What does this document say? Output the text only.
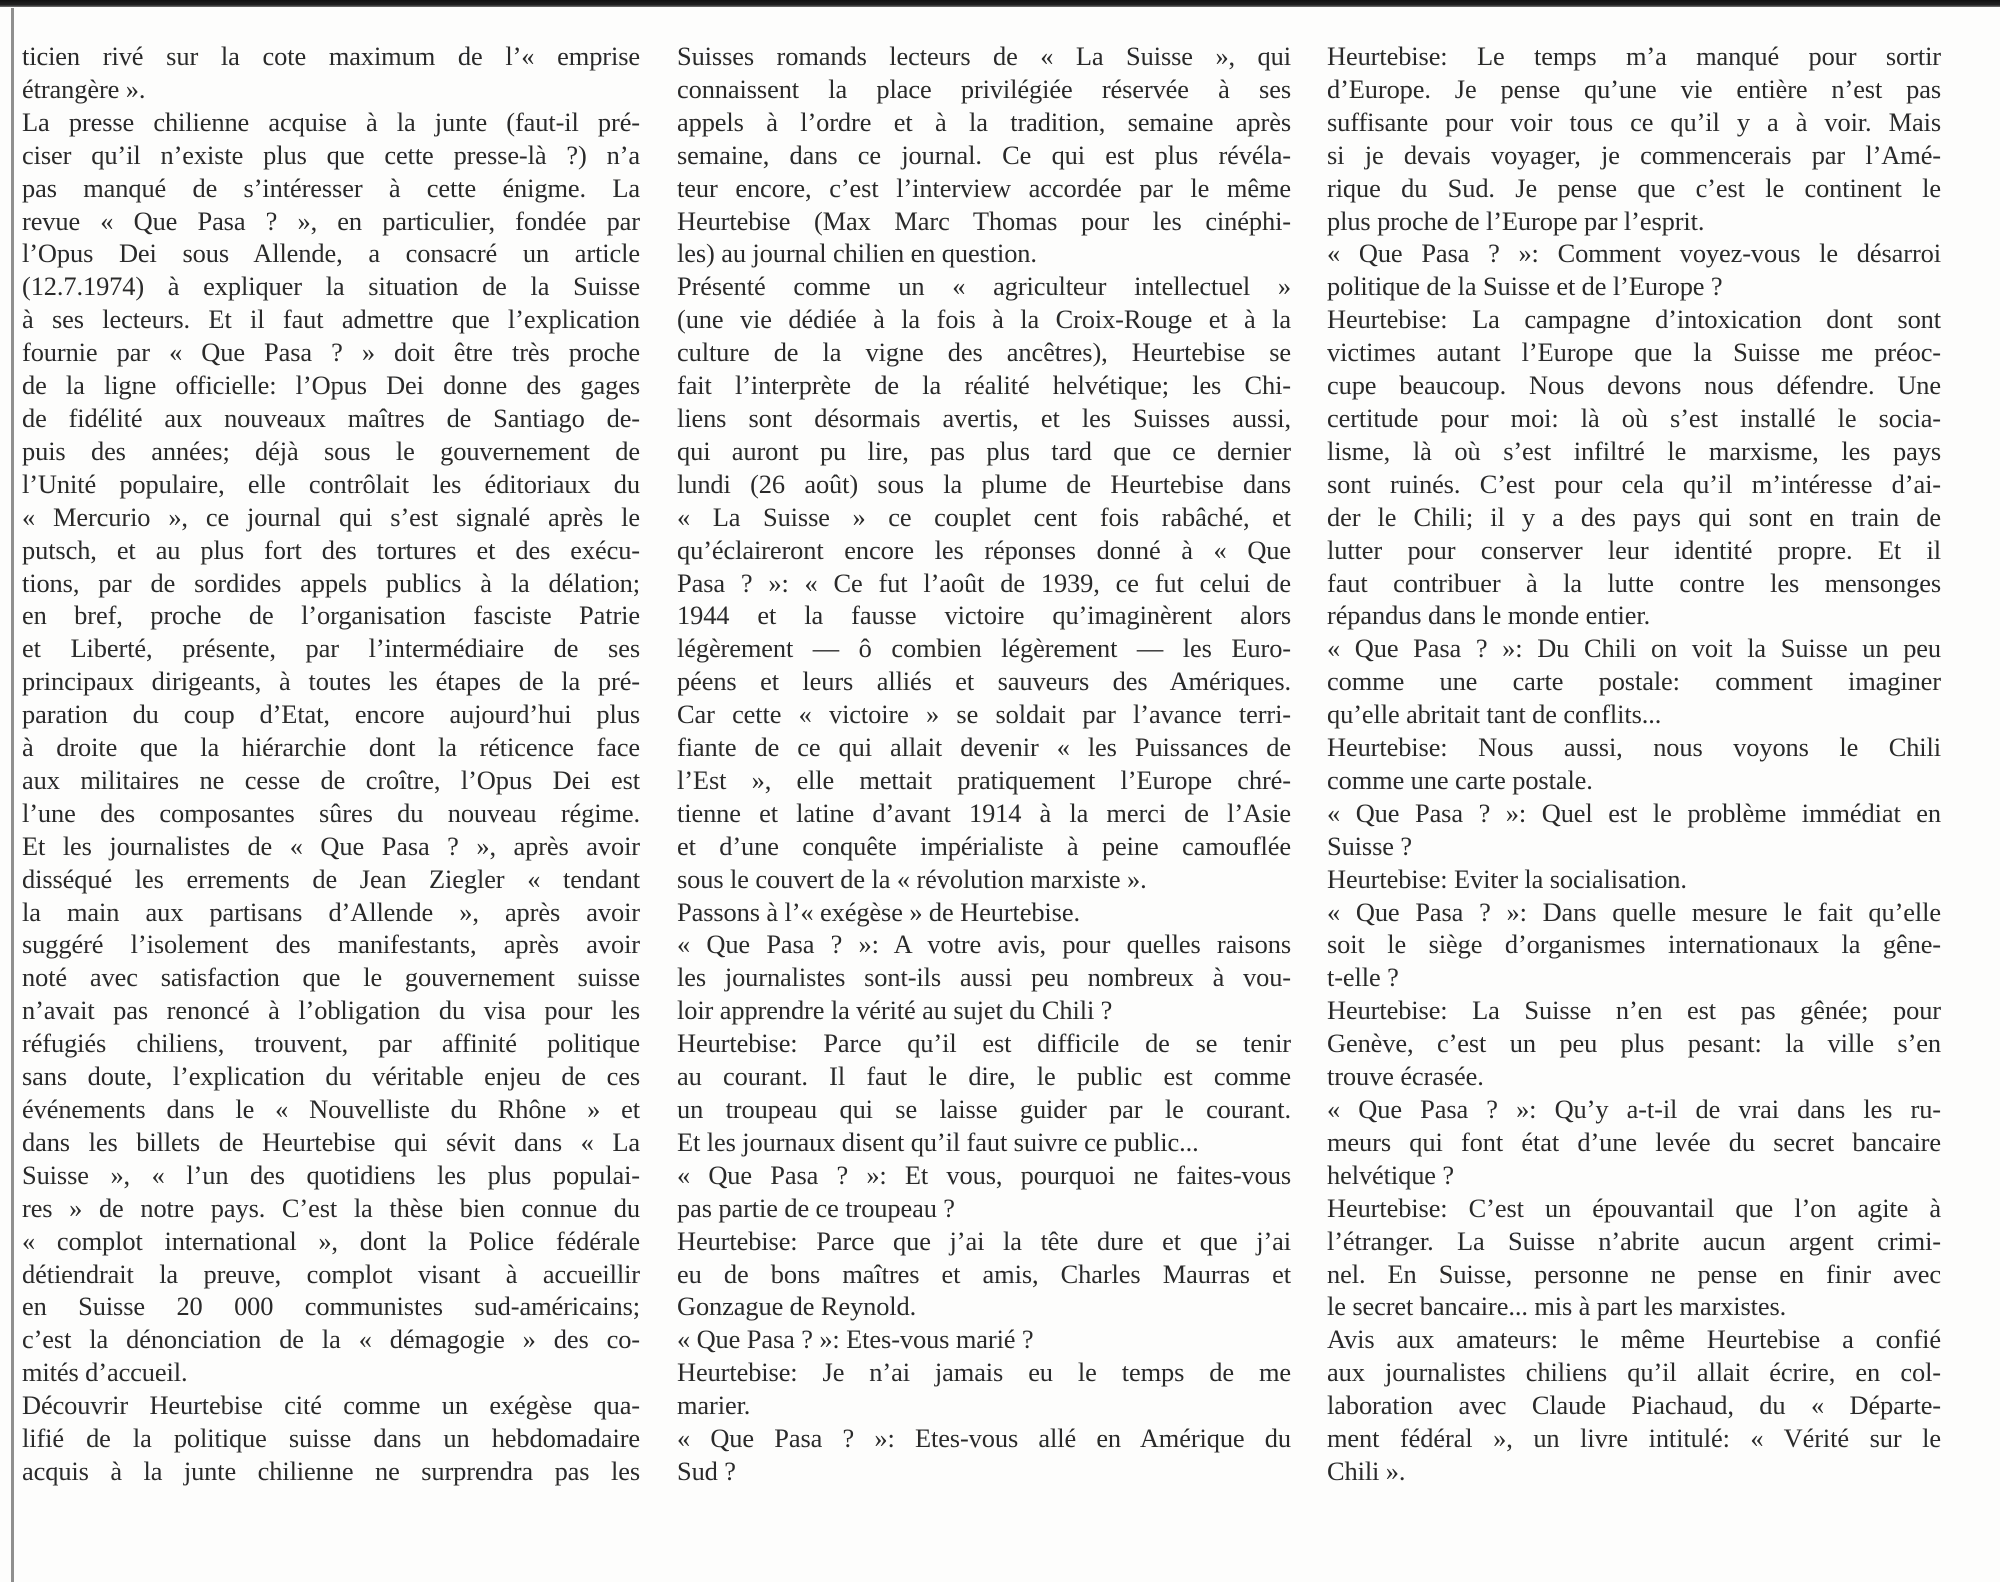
ticien rivé sur la cote maximum de l’« emprise
étrangère ».

La presse chilienne acquise à la junte (faut-il pré-
ciser qu’il n’existe plus que cette presse-là ?) n’a
pas manqué de s’intéresser à cette énigme. La
revue « Que Pasa ? », en particulier, fondée par
l’Opus Dei sous Allende, a consacré un article
(12.7.1974) à expliquer la situation de la Suisse
à ses lecteurs. Et il faut admettre que l’explication
fournie par « Que Pasa ? » doit être très proche
de la ligne officielle: l’Opus Dei donne des gages
de fidélité aux nouveaux maîtres de Santiago de-
puis des années; déjà sous le gouvernement de
l’Unité populaire, elle contrôlait les éditoriaux du
« Mercurio », ce journal qui s’est signalé après le
putsch, et au plus fort des tortures et des exécu-
tions, par de sordides appels publics à la délation;
en bref, proche de l’organisation fasciste Patrie
et Liberté, présente, par l’intermédiaire de ses
principaux dirigeants, à toutes les étapes de la pré-
paration du coup d’Etat, encore aujourd’hui plus
à droite que la hiérarchie dont la réticence face
aux militaires ne cesse de croître, l’Opus Dei est
l’une des composantes sûres du nouveau régime.
Et les journalistes de « Que Pasa ? », après avoir
disséqué les errements de Jean Ziegler « tendant
la main aux partisans d’Allende », après avoir
suggéré l’isolement des manifestants, après avoir
noté avec satisfaction que le gouvernement suisse
n’avait pas renoncé à l’obligation du visa pour les
réfugiés chiliens, trouvent, par affinité politique
sans doute, l’explication du véritable enjeu de ces
événements dans le « Nouvelliste du Rhône » et
dans les billets de Heurtebise qui sévit dans « La
Suisse », « l’un des quotidiens les plus populai-
res » de notre pays. C’est la thèse bien connue du
« complot international », dont la Police fédérale
détiendrait la preuve, complot visant à accueillir
en Suisse 20 000 communistes sud-américains;
c’est la dénonciation de la « démagogie » des co-
mités d’accueil.

Découvrir Heurtebise cité comme un exégèse qua-
lifié de la politique suisse dans un hebdomadaire
acquis à la junte chilienne ne surprendra pas les

Suisses romands lecteurs de « La Suisse », qui
connaissent la place privilégiée réservée à ses
appels à l’ordre et à la tradition, semaine après
semaine, dans ce journal. Ce qui est plus révéla-
teur encore, c’est l’interview accordée par le même
Heurtebise (Max Marc Thomas pour les cinéphi-
les) au journal chilien en question.

Présenté comme un « agriculteur intellectuel »
(une vie dédiée à la fois à la Croix-Rouge et à la
culture de la vigne des ancêtres), Heurtebise se
fait l’interprète de la réalité helvétique; les Chi-
liens sont désormais avertis, et les Suisses aussi,
qui auront pu lire, pas plus tard que ce dernier
lundi (26 août) sous la plume de Heurtebise dans
« La Suisse » ce couplet cent fois rabâché, et
qu’éclaireront encore les réponses donné à « Que
Pasa ? »: « Ce fut l’août de 1939, ce fut celui de
1944 et la fausse victoire qu’imaginèrent alors
légèrement — ô combien légèrement — les Euro-
péens et leurs alliés et sauveurs des Amériques.
Car cette « victoire » se soldait par l’avance terri-
fiante de ce qui allait devenir « les Puissances de
l’Est », elle mettait pratiquement l’Europe chré-
tienne et latine d’avant 1914 à la merci de l’Asie
et d’une conquête impérialiste à peine camouflée
sous le couvert de la « révolution marxiste ».

Passons à l’« exégèse » de Heurtebise.

« Que Pasa ? »: A votre avis, pour quelles raisons
les journalistes sont-ils aussi peu nombreux à vou-
loir apprendre la vérité au sujet du Chili ?

Heurtebise: Parce qu’il est difficile de se tenir
au courant. Il faut le dire, le public est comme
un troupeau qui se laisse guider par le courant.
Et les journaux disent qu’il faut suivre ce public...

« Que Pasa ? »: Et vous, pourquoi ne faites-vous
pas partie de ce troupeau ?

Heurtebise: Parce que j’ai la tête dure et que j’ai
eu de bons maîtres et amis, Charles Maurras et
Gonzague de Reynold.

« Que Pasa ? »: Etes-vous marié ?

Heurtebise: Je n’ai jamais eu le temps de me
marier.

« Que Pasa ? »: Etes-vous allé en Amérique du
Sud ?

Heurtebise: Le temps m’a manqué pour sortir
d’Europe. Je pense qu’une vie entière n’est pas
suffisante pour voir tous ce qu’il y a à voir. Mais
si je devais voyager, je commencerais par l’Amé-
rique du Sud. Je pense que c’est le continent le
plus proche de l’Europe par l’esprit.

« Que Pasa ? »: Comment voyez-vous le désarroi
politique de la Suisse et de l’Europe ?

Heurtebise: La campagne d’intoxication dont sont
victimes autant l’Europe que la Suisse me préoc-
cupe beaucoup. Nous devons nous défendre. Une
certitude pour moi: là où s’est installé le socia-
lisme, là où s’est infiltré le marxisme, les pays
sont ruinés. C’est pour cela qu’il m’intéresse d’ai-
der le Chili; il y a des pays qui sont en train de
lutter pour conserver leur identité propre. Et il
faut contribuer à la lutte contre les mensonges
répandus dans le monde entier.

« Que Pasa ? »: Du Chili on voit la Suisse un peu
comme une carte postale: comment imaginer
qu’elle abritait tant de conflits...

Heurtebise: Nous aussi, nous voyons le Chili
comme une carte postale.

« Que Pasa ? »: Quel est le problème immédiat en
Suisse ?

Heurtebise: Eviter la socialisation.

« Que Pasa ? »: Dans quelle mesure le fait qu’elle
soit le siège d’organismes internationaux la gêne-
t-elle ?

Heurtebise: La Suisse n’en est pas gênée; pour
Genève, c’est un peu plus pesant: la ville s’en
trouve écrasée.

« Que Pasa ? »: Qu’y a-t-il de vrai dans les ru-
meurs qui font état d’une levée du secret bancaire
helvétique ?

Heurtebise: C’est un épouvantail que l’on agite à
l’étranger. La Suisse n’abrite aucun argent crimi-
nel. En Suisse, personne ne pense en finir avec
le secret bancaire... mis à part les marxistes.

Avis aux amateurs: le même Heurtebise a confié
aux journalistes chiliens qu’il allait écrire, en col-
laboration avec Claude Piachaud, du « Départe-
ment fédéral », un livre intitulé: « Vérité sur le
Chili ».
